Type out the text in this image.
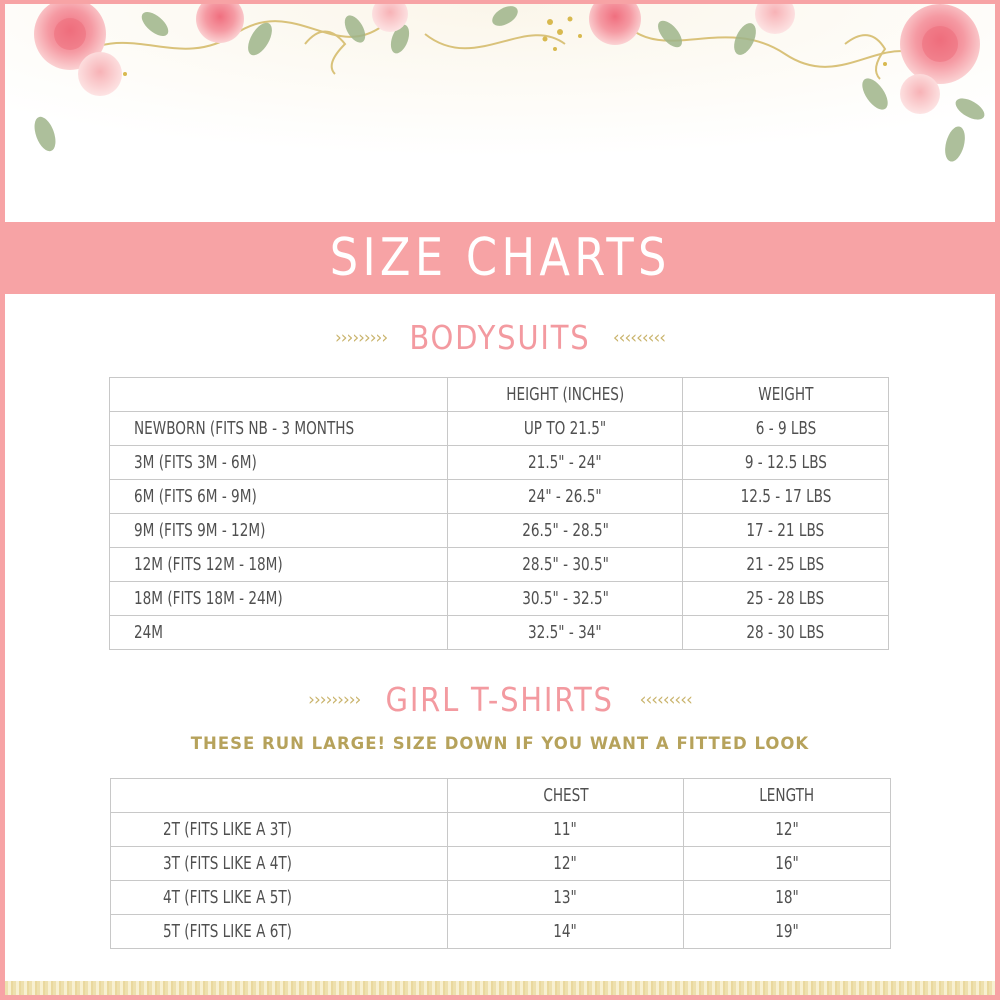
SIZE CHARTS
››››››››› BODYSUITS ‹‹‹‹‹‹‹‹‹
	HEIGHT (INCHES)	WEIGHT
NEWBORN (FITS NB - 3 MONTHS	UP TO 21.5"	6 - 9 LBS
3M (FITS 3M - 6M)	21.5" - 24"	9 - 12.5 LBS
6M (FITS 6M - 9M)	24" - 26.5"	12.5 - 17 LBS
9M (FITS 9M - 12M)	26.5" - 28.5"	17 - 21 LBS
12M (FITS 12M - 18M)	28.5" - 30.5"	21 - 25 LBS
18M (FITS 18M - 24M)	30.5" - 32.5"	25 - 28 LBS
24M	32.5" - 34"	28 - 30 LBS
››››››››› GIRL T-SHIRTS ‹‹‹‹‹‹‹‹‹
THESE RUN LARGE! SIZE DOWN IF YOU WANT A FITTED LOOK
	CHEST	LENGTH
2T (FITS LIKE A 3T)	11"	12"
3T (FITS LIKE A 4T)	12"	16"
4T (FITS LIKE A 5T)	13"	18"
5T (FITS LIKE A 6T)	14"	19"
